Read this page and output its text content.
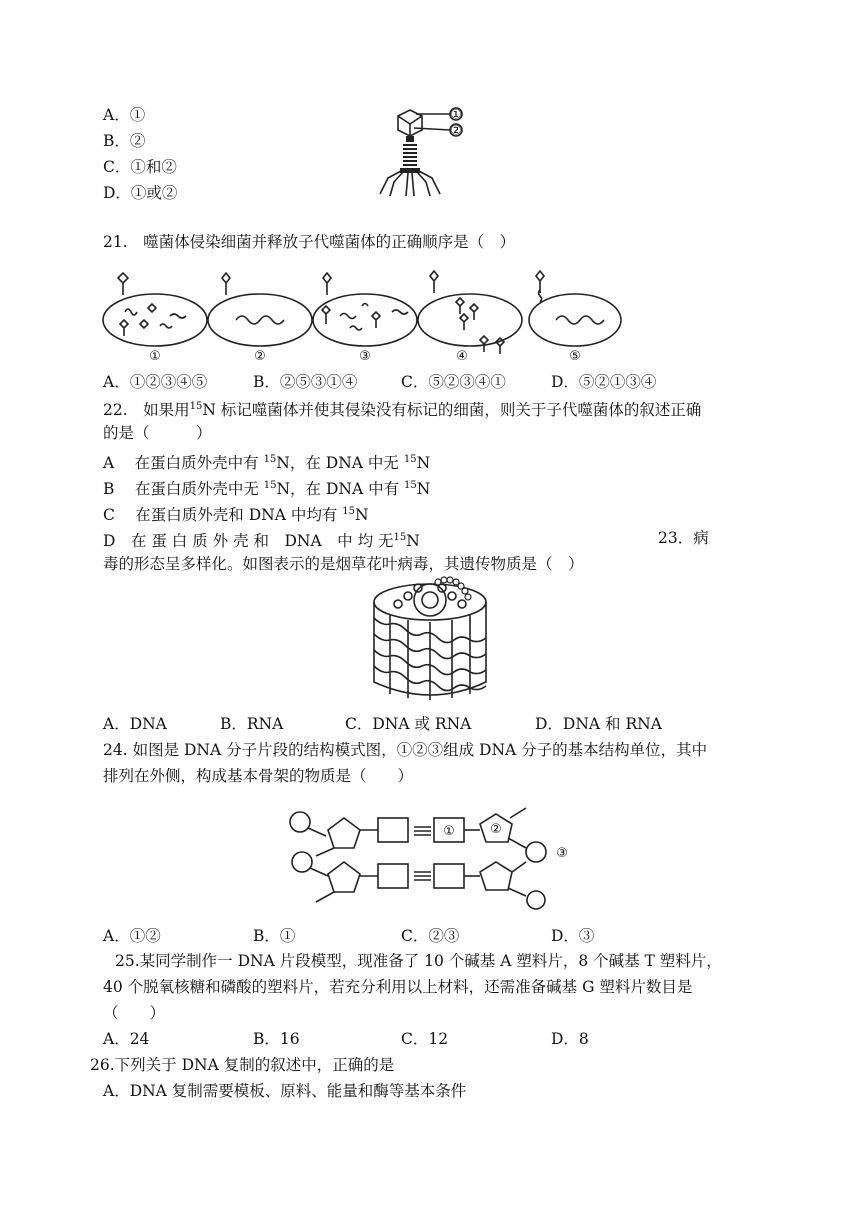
A．①
B．②
C．①和②
D．①或②
①
②
21.　噬菌体侵染细菌并释放子代噬菌体的正确顺序是（　）
①	②	③	④	⑤
A．①②③④⑤	B．②⑤③①④	C．⑤②③④①	D．⑤②①③④
22.　如果用$^{15}$N 标记噬菌体并使其侵染没有标记的细菌，则关于子代噬菌体的叙述正确
的是（　　　）
A　 在蛋白质外壳中有 $^{15}$N，在 DNA 中无 $^{15}$N
B　 在蛋白质外壳中无 $^{15}$N，在 DNA 中有 $^{15}$N
C　 在蛋白质外壳和 DNA 中均有 $^{15}$N
D　在 蛋 白 质 外 壳 和　DNA　中 均 无$^{15}$N	23．病
毒的形态呈多样化。如图表示的是烟草花叶病毒，其遗传物质是（　）
A．DNA	B．RNA	C．DNA 或 RNA	D．DNA 和 RNA
24. 如图是 DNA 分子片段的结构模式图，①②③组成 DNA 分子的基本结构单位，其中
排列在外侧，构成基本骨架的物质是（　　）
①	②
③
A．①②	B．①	C．②③	D．③
25.某同学制作一 DNA 片段模型，现准备了 10 个碱基 A 塑料片，8 个碱基 T 塑料片，
40 个脱氧核糖和磷酸的塑料片，若充分利用以上材料，还需准备碱基 G 塑料片数目是
（　　）
A．24	B．16	C．12	D．8
26.下列关于 DNA 复制的叙述中，正确的是
A．DNA 复制需要模板、原料、能量和酶等基本条件
